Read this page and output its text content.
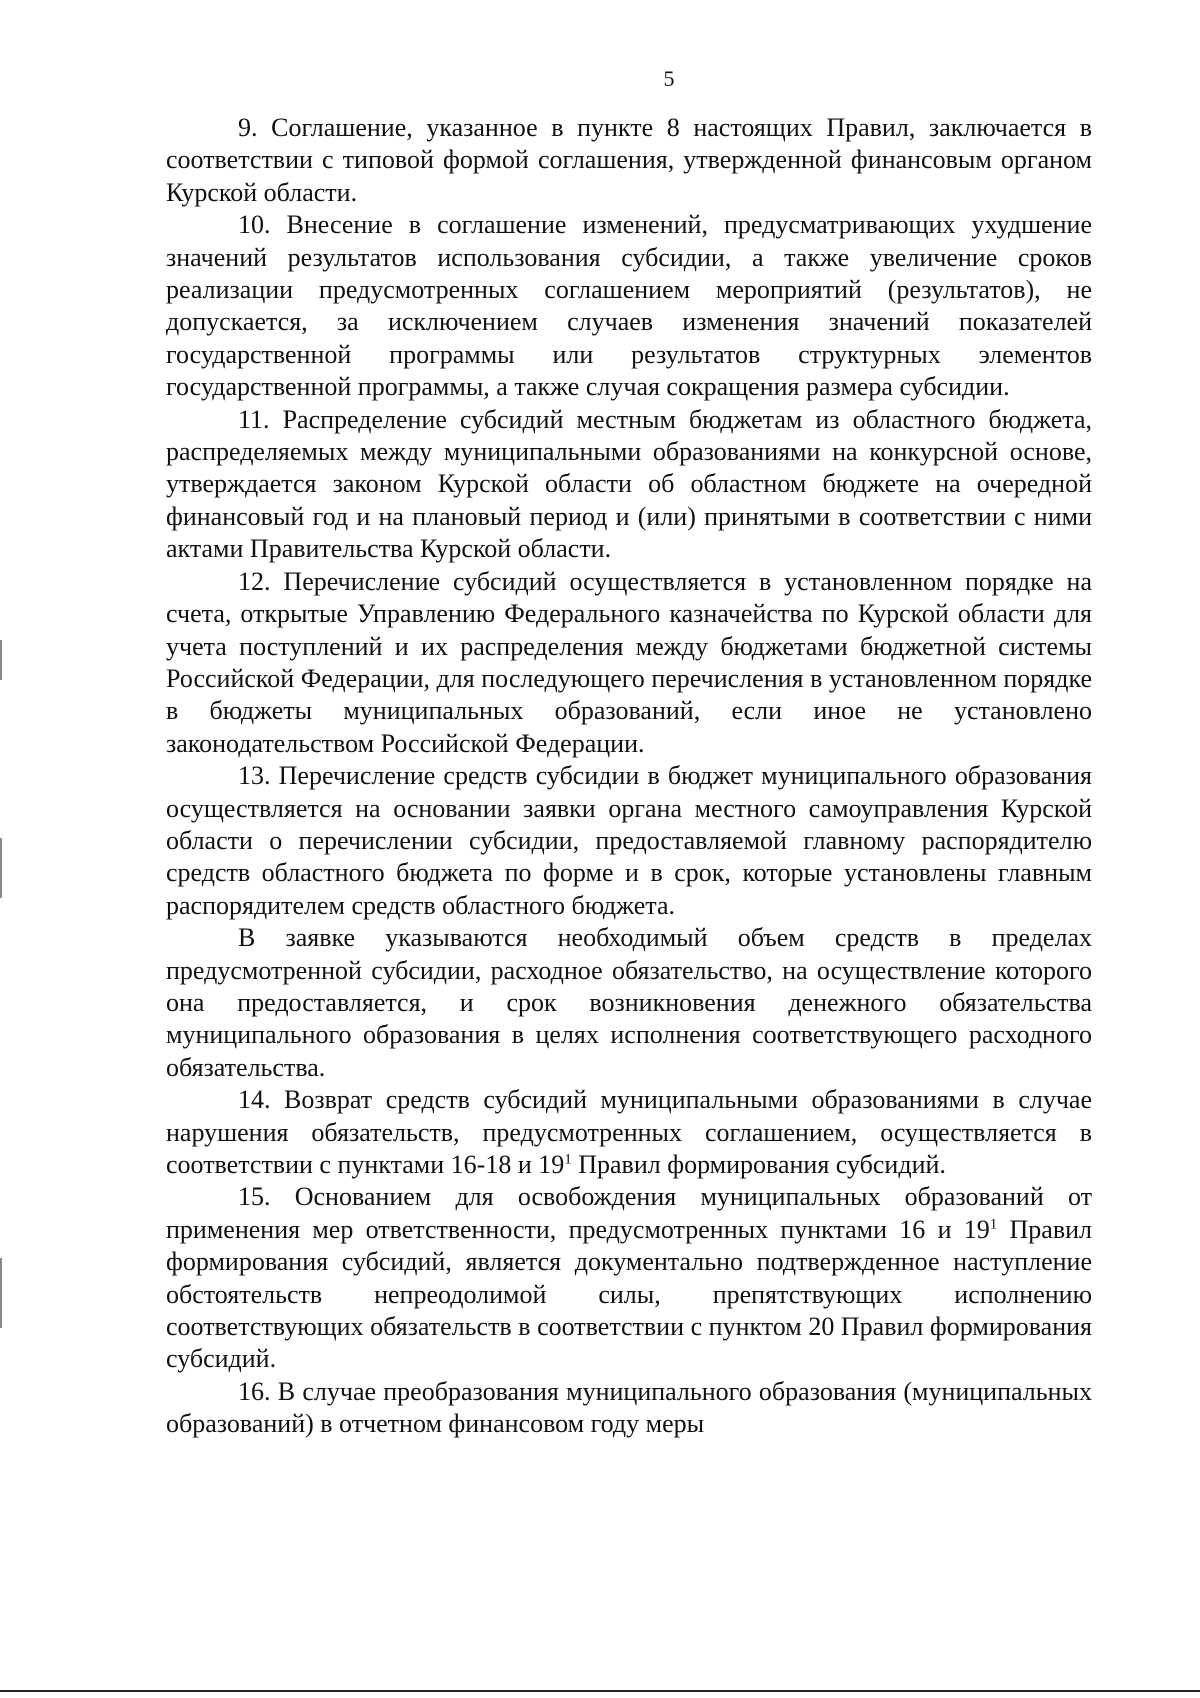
5

9. Соглашение, указанное в пункте 8 настоящих Правил, заключается в соответствии с типовой формой соглашения, утвержденной финансовым органом Курской области.

10. Внесение в соглашение изменений, предусматривающих ухудшение значений результатов использования субсидии, а также увеличение сроков реализации предусмотренных соглашением мероприятий (результатов), не допускается, за исключением случаев изменения значений показателей государственной программы или результатов структурных элементов государственной программы, а также случая сокращения размера субсидии.

11. Распределение субсидий местным бюджетам из областного бюджета, распределяемых между муниципальными образованиями на конкурсной основе, утверждается законом Курской области об областном бюджете на очередной финансовый год и на плановый период и (или) принятыми в соответствии с ними актами Правительства Курской области.

12. Перечисление субсидий осуществляется в установленном порядке на счета, открытые Управлению Федерального казначейства по Курской области для учета поступлений и их распределения между бюджетами бюджетной системы Российской Федерации, для последующего перечисления в установленном порядке в бюджеты муниципальных образований, если иное не установлено законодательством Российской Федерации.

13. Перечисление средств субсидии в бюджет муниципального образования осуществляется на основании заявки органа местного самоуправления Курской области о перечислении субсидии, предоставляемой главному распорядителю средств областного бюджета по форме и в срок, которые установлены главным распорядителем средств областного бюджета.

В заявке указываются необходимый объем средств в пределах предусмотренной субсидии, расходное обязательство, на осуществление которого она предоставляется, и срок возникновения денежного обязательства муниципального образования в целях исполнения соответствующего расходного обязательства.

14. Возврат средств субсидий муниципальными образованиями в случае нарушения обязательств, предусмотренных соглашением, осуществляется в соответствии с пунктами 16-18 и $19^1$ Правил формирования субсидий.

15. Основанием для освобождения муниципальных образований от применения мер ответственности, предусмотренных пунктами 16 и $19^1$ Правил формирования субсидий, является документально подтвержденное наступление обстоятельств непреодолимой силы, препятствующих исполнению соответствующих обязательств в соответствии с пунктом 20 Правил формирования субсидий.

16. В случае преобразования муниципального образования (муниципальных образований) в отчетном финансовом году меры
